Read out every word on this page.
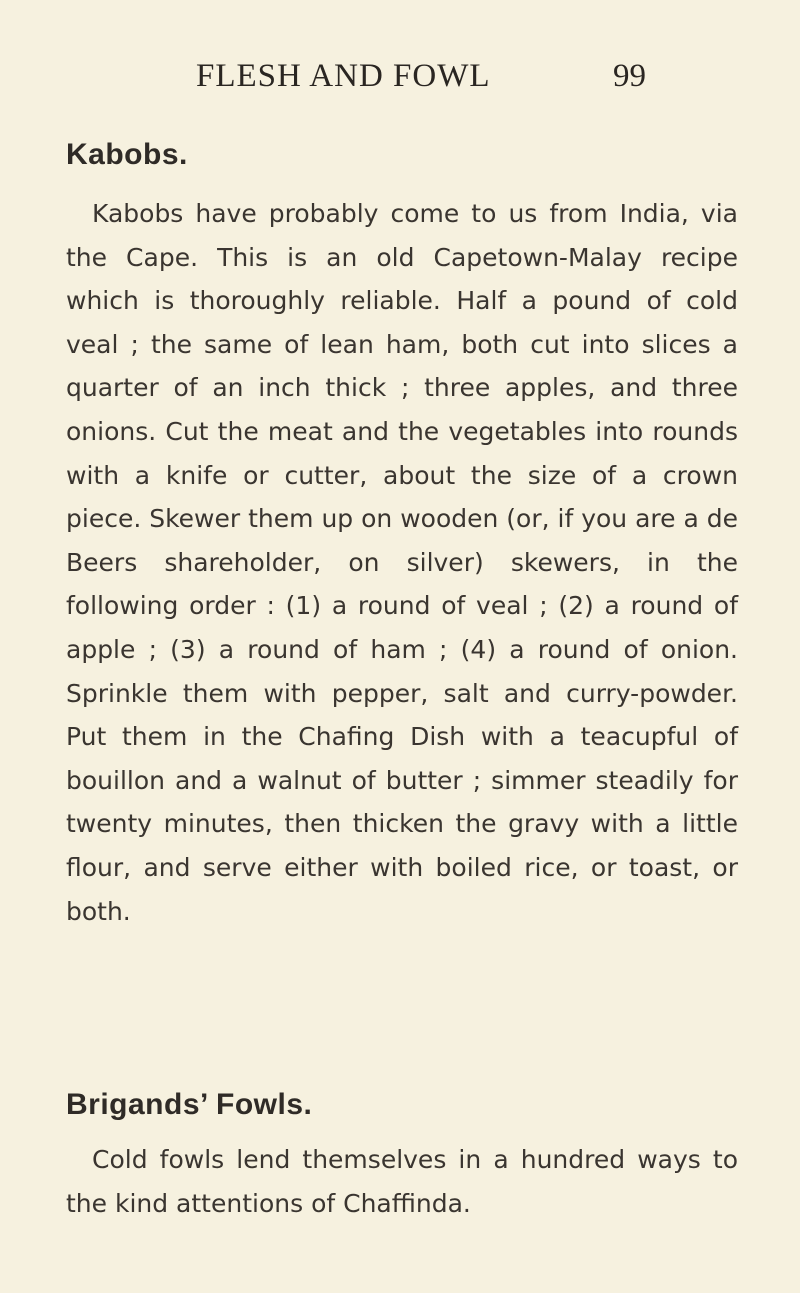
FLESH AND FOWL	99
Kabobs.

Kabobs have probably come to us from India, via the Cape. This is an old Capetown-Malay recipe which is thoroughly reliable. Half a pound of cold veal ; the same of lean ham, both cut into slices a quarter of an inch thick ; three apples, and three onions. Cut the meat and the vegetables into rounds with a knife or cutter, about the size of a crown piece. Skewer them up on wooden (or, if you are a de Beers shareholder, on silver) skewers, in the following order : (1) a round of veal ; (2) a round of apple ; (3) a round of ham ; (4) a round of onion. Sprinkle them with pepper, salt and curry-powder. Put them in the Chafing Dish with a teacupful of bouillon and a walnut of butter ; simmer steadily for twenty minutes, then thicken the gravy with a little flour, and serve either with boiled rice, or toast, or both.

Brigands’ Fowls.

Cold fowls lend themselves in a hundred ways to the kind attentions of Chaffinda.
